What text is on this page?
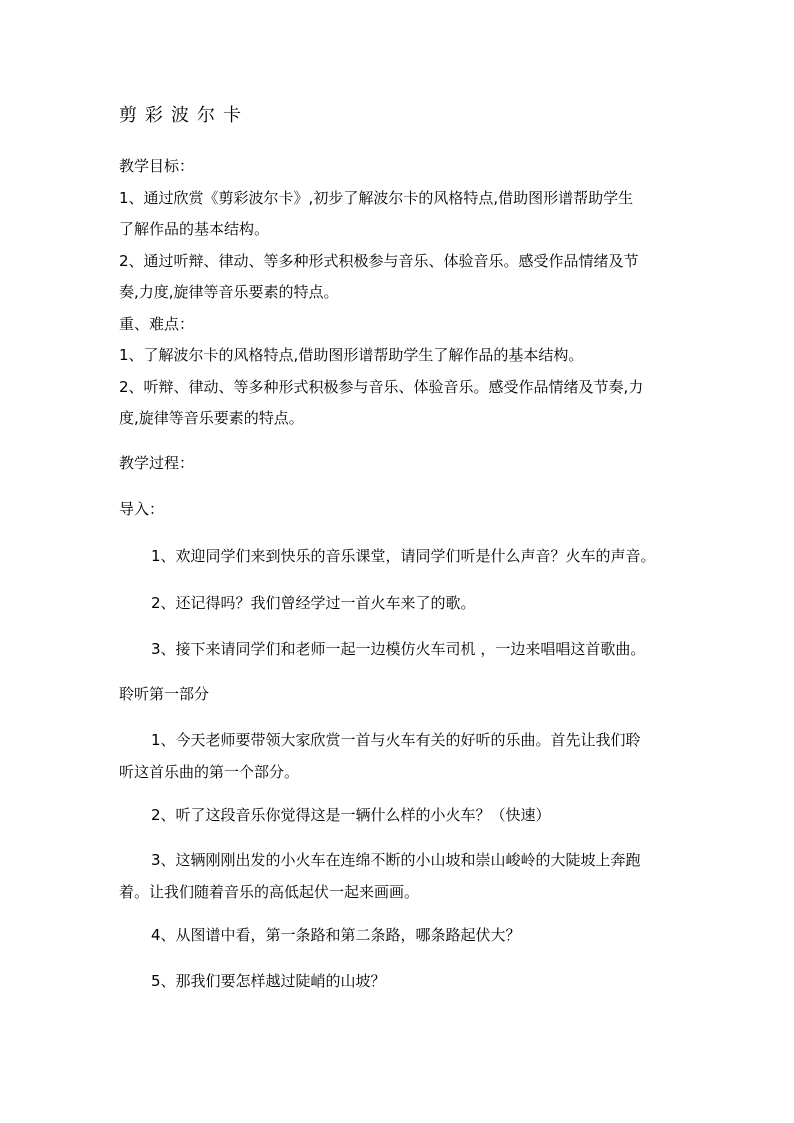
剪彩波尔卡
教学目标：
1、通过欣赏《剪彩波尔卡》,初步了解波尔卡的风格特点,借助图形谱帮助学生
了解作品的基本结构。
2、通过听辩、律动、等多种形式积极参与音乐、体验音乐。感受作品情绪及节
奏,力度,旋律等音乐要素的特点。
重、难点：
1、了解波尔卡的风格特点,借助图形谱帮助学生了解作品的基本结构。
2、听辩、律动、等多种形式积极参与音乐、体验音乐。感受作品情绪及节奏,力
度,旋律等音乐要素的特点。
教学过程：
导入：
1、欢迎同学们来到快乐的音乐课堂，请同学们听是什么声音？火车的声音。
2、还记得吗？我们曾经学过一首火车来了的歌。
3、接下来请同学们和老师一起一边模仿火车司机 ，一边来唱唱这首歌曲。
聆听第一部分
1、今天老师要带领大家欣赏一首与火车有关的好听的乐曲。首先让我们聆
听这首乐曲的第一个部分。
2、听了这段音乐你觉得这是一辆什么样的小火车？（快速）
3、这辆刚刚出发的小火车在连绵不断的小山坡和崇山峻岭的大陡坡上奔跑
着。让我们随着音乐的高低起伏一起来画画。
4、从图谱中看，第一条路和第二条路，哪条路起伏大？
5、那我们要怎样越过陡峭的山坡？
